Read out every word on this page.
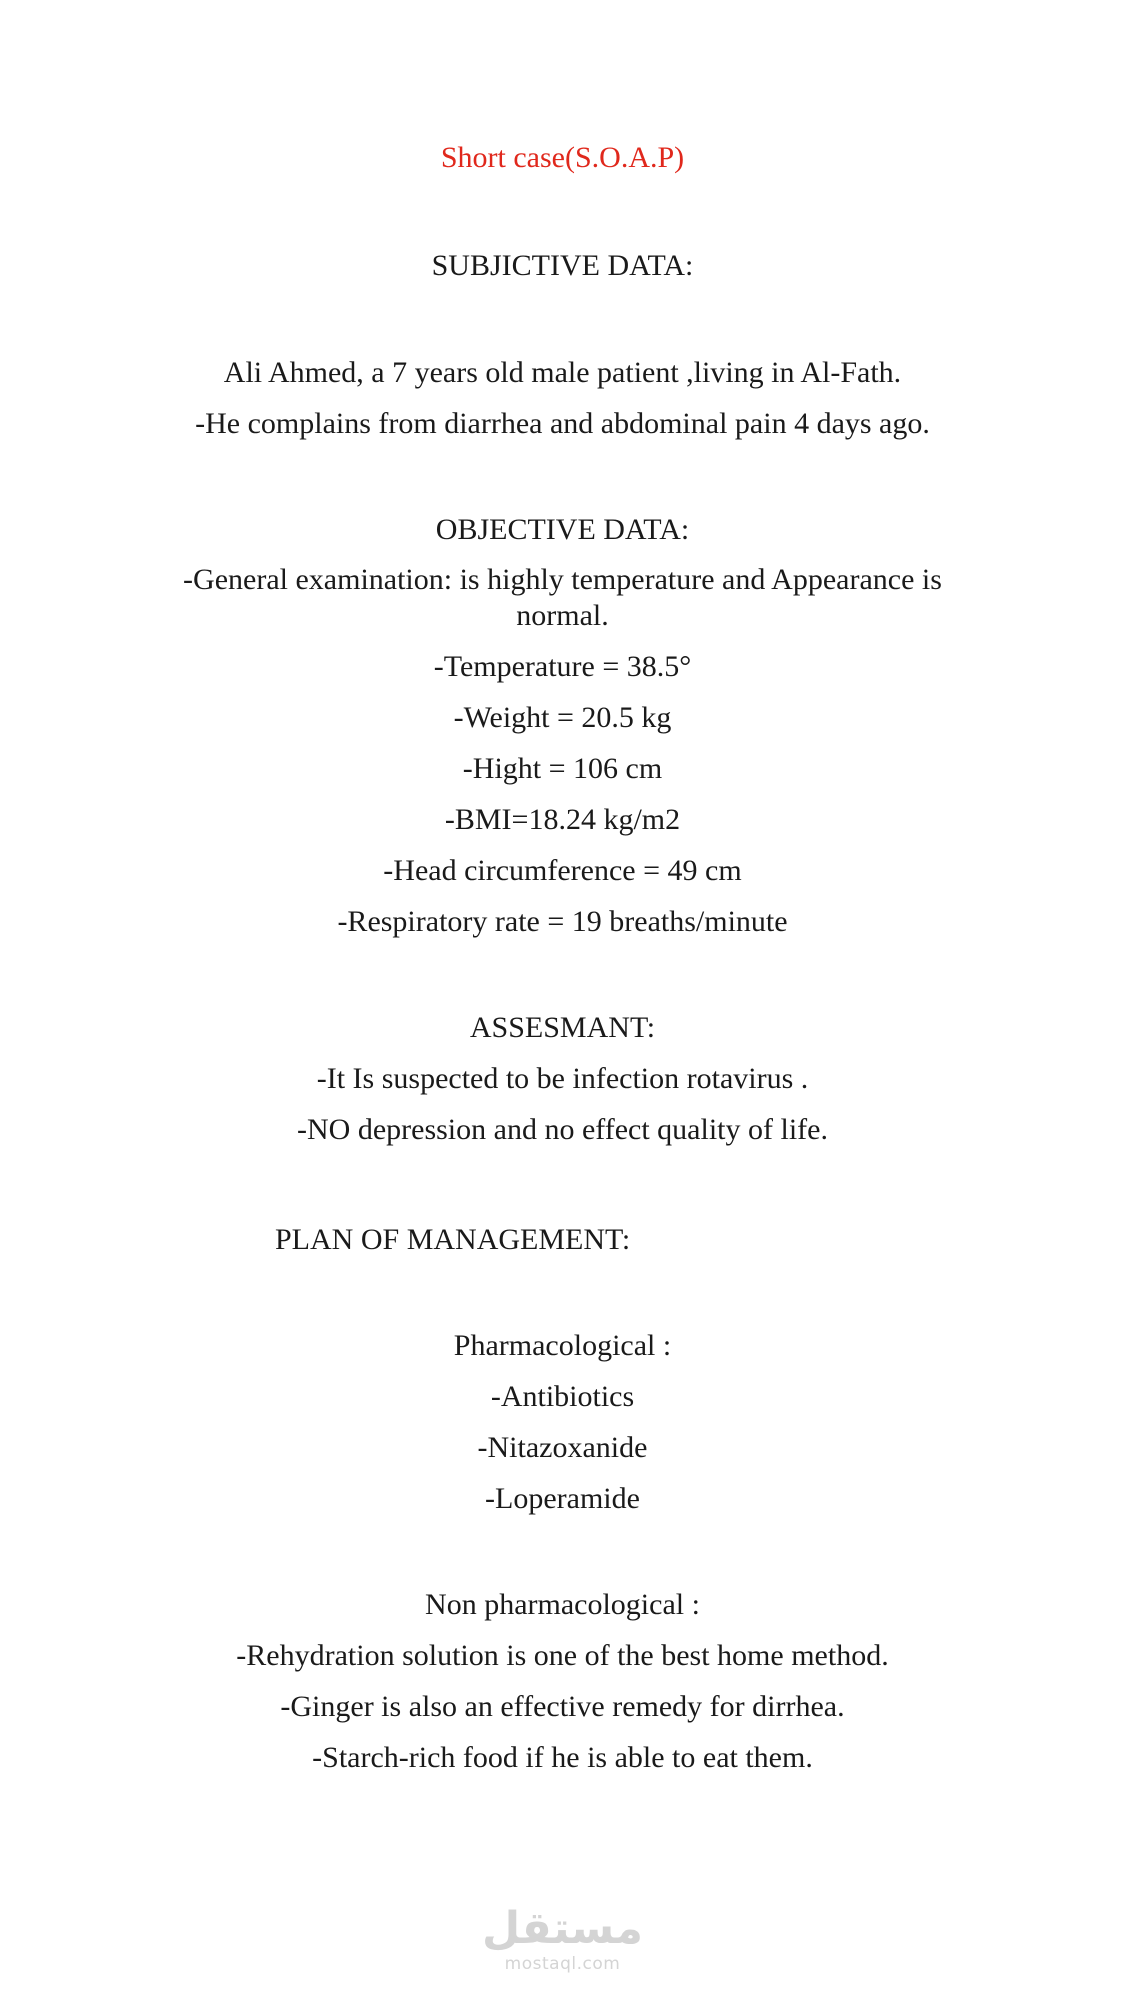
Short case(S.O.A.P)
SUBJICTIVE DATA:
Ali Ahmed, a 7 years old male patient ,living in Al-Fath.
-He complains from diarrhea and abdominal pain 4 days ago.
OBJECTIVE DATA:
-General examination: is highly temperature and Appearance is normal.
-Temperature = 38.5°
-Weight = 20.5 kg
-Hight = 106 cm
-BMI=18.24 kg/m2
-Head circumference = 49 cm
-Respiratory rate = 19 breaths/minute
ASSESMANT:
-It Is suspected to be infection rotavirus .
-NO depression and no effect quality of life.
PLAN OF MANAGEMENT:
Pharmacological :
-Antibiotics
-Nitazoxanide
-Loperamide
Non pharmacological :
-Rehydration solution is one of the best home method.
-Ginger is also an effective remedy for dirrhea.
-Starch-rich food if he is able to eat them.
مستقل
mostaql.com
